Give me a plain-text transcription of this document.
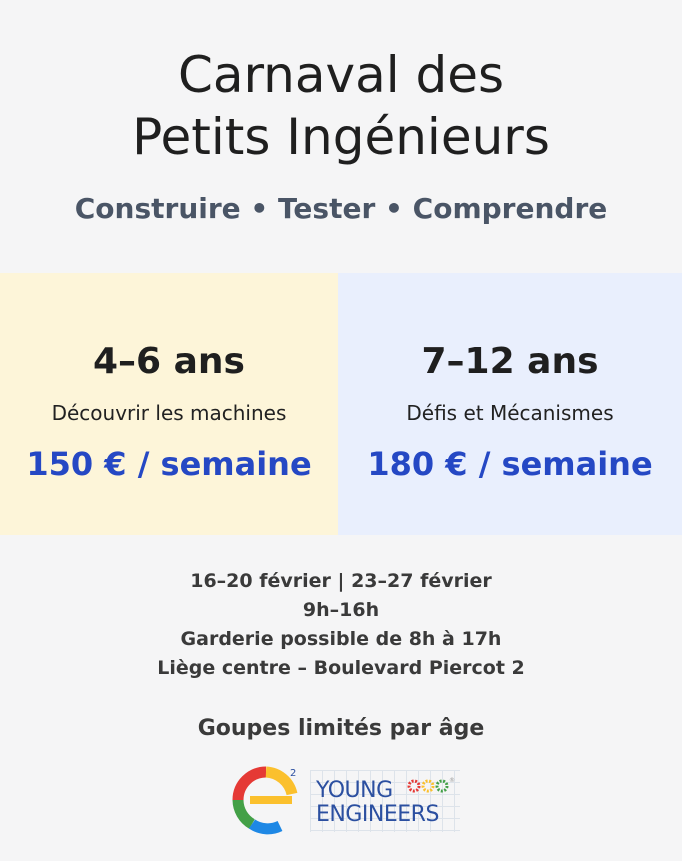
Carnaval des
Petits Ingénieurs
Construire • Tester • Comprendre
4–6 ans
Découvrir les machines
150 € / semaine
7–12 ans
Défis et Mécanismes
180 € / semaine
16–20 février | 23–27 février
9h–16h
Garderie possible de 8h à 17h
Liège centre – Boulevard Piercot 2
Goupes limités par âge
2
YOUNG
ENGINEERS
®
